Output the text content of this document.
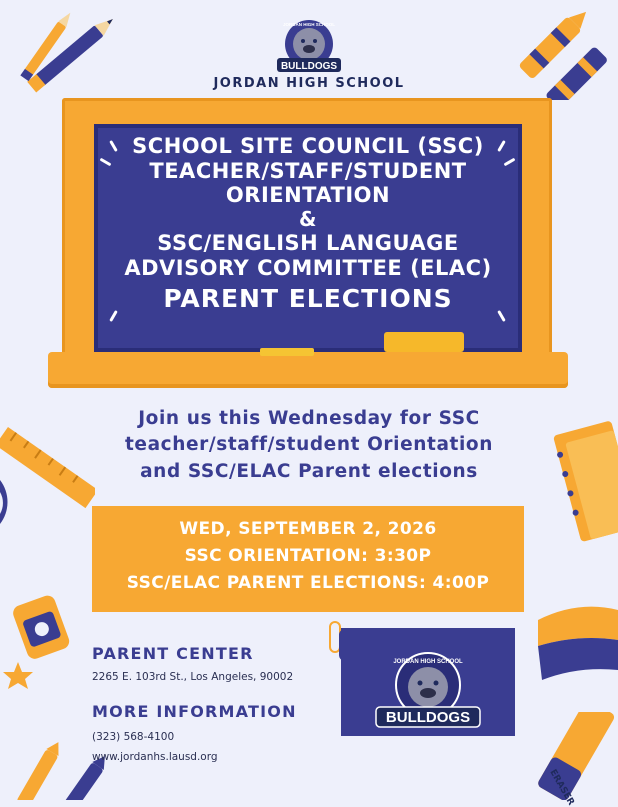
ERASER
BULLDOGS
JORDAN HIGH SCHOOL
JORDAN HIGH SCHOOL
SCHOOL SITE COUNCIL (SSC)
TEACHER/STAFF/STUDENT
ORIENTATION
&
SSC/ENGLISH LANGUAGE
ADVISORY COMMITTEE (ELAC)
PARENT ELECTIONS
Join us this Wednesday for SSC
teacher/staff/student Orientation
and SSC/ELAC Parent elections
WED, SEPTEMBER 2, 2026
SSC ORIENTATION: 3:30P
SSC/ELAC PARENT ELECTIONS: 4:00P
PARENT CENTER
2265 E. 103rd St., Los Angeles, 90002
MORE INFORMATION
(323) 568-4100
www.jordanhs.lausd.org
BULLDOGS
JORDAN HIGH SCHOOL
